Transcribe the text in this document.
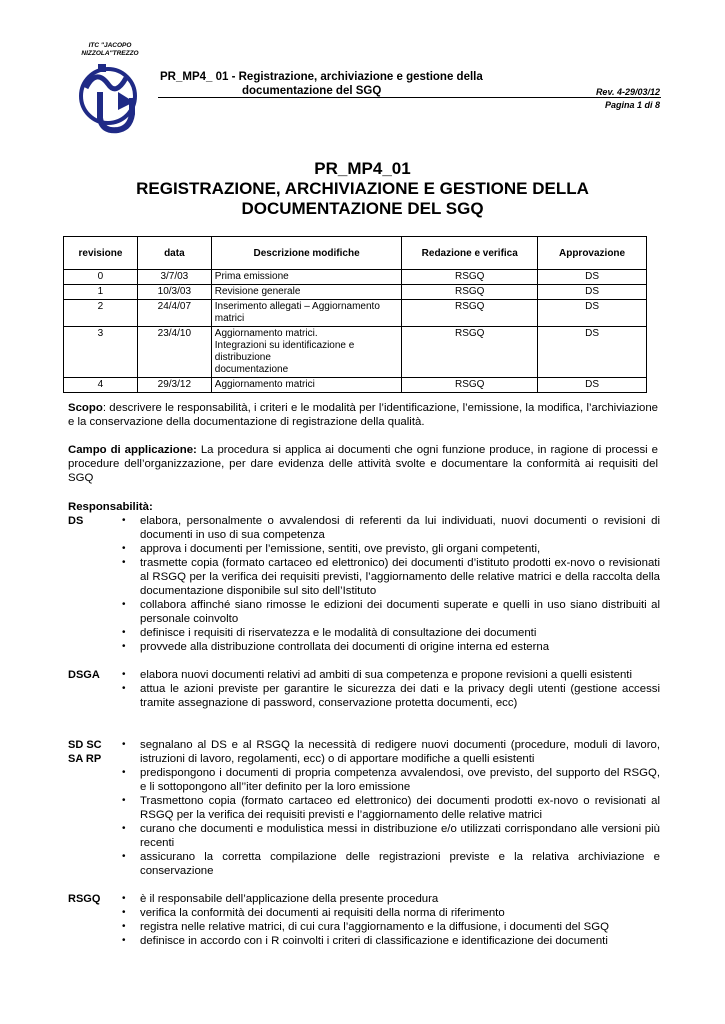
ITC "JACOPO NIZZOLA"TREZZO
PR_MP4_ 01 - Registrazione, archiviazione e gestione della
documentazione del SGQ	Rev. 4-29/03/12
Pagina 1 di 8
PR_MP4_01
REGISTRAZIONE, ARCHIVIAZIONE E GESTIONE DELLA
DOCUMENTAZIONE DEL SGQ
revisione	data	Descrizione modifiche	Redazione e verifica	Approvazione
0	3/7/03	Prima emissione	RSGQ	DS
1	10/3/03	Revisione generale	RSGQ	DS
2	24/4/07	Inserimento allegati – Aggiornamento matrici	RSGQ	DS
3	23/4/10	Aggiornamento matrici.
Integrazioni su identificazione e distribuzione
documentazione	RSGQ	DS
4	29/3/12	Aggiornamento matrici	RSGQ	DS
Scopo: descrivere le responsabilità, i criteri e le modalità per l’identificazione, l’emissione, la modifica, l’archiviazione e la conservazione della documentazione di registrazione della qualità.
Campo di applicazione: La procedura si applica ai documenti che ogni funzione produce, in ragione di processi e procedure dell’organizzazione, per dare evidenza delle attività svolte e documentare la conformità ai requisiti del SGQ
Responsabilità:
DS	• elabora, personalmente o avvalendosi di referenti da lui individuati, nuovi documenti o revisioni di documenti in uso di sua competenza
• approva i documenti per l’emissione, sentiti, ove previsto, gli organi competenti,
• trasmette copia (formato cartaceo ed elettronico) dei documenti d’istituto prodotti ex-novo o revisionati al RSGQ per la verifica dei requisiti previsti, l’aggiornamento delle relative matrici e della raccolta della documentazione disponibile sul sito dell’Istituto
• collabora affinché siano rimosse le edizioni dei documenti superate e quelli in uso siano distribuiti al personale coinvolto
• definisce i requisiti di riservatezza e le modalità di consultazione dei documenti
• provvede alla distribuzione controllata dei documenti di origine interna ed esterna
DSGA	• elabora nuovi documenti relativi ad ambiti di sua competenza e propone revisioni a quelli esistenti
• attua le azioni previste per garantire le sicurezza dei dati e la privacy degli utenti (gestione accessi tramite assegnazione di password, conservazione protetta documenti, ecc)
SD SC
SA RP
• segnalano al DS e al RSGQ la necessità di redigere nuovi documenti (procedure, moduli di lavoro, istruzioni di lavoro, regolamenti, ecc) o di apportare modifiche a quelli esistenti
• predispongono i documenti di propria competenza avvalendosi, ove previsto, del supporto del RSGQ, e li sottopongono all’’iter definito per la loro emissione
• Trasmettono copia (formato cartaceo ed elettronico) dei documenti prodotti ex-novo o revisionati al RSGQ per la verifica dei requisiti previsti e l’aggiornamento delle relative matrici
• curano che documenti e modulistica messi in distribuzione e/o utilizzati corrispondano alle versioni più recenti
• assicurano la corretta compilazione delle registrazioni previste e la relativa archiviazione e conservazione
RSGQ	• è il responsabile dell’applicazione della presente procedura
• verifica la conformità dei documenti ai requisiti della norma di riferimento
• registra nelle relative matrici, di cui cura l’aggiornamento e la diffusione, i documenti del SGQ
• definisce in accordo con i R coinvolti i criteri di classificazione e identificazione dei documenti
